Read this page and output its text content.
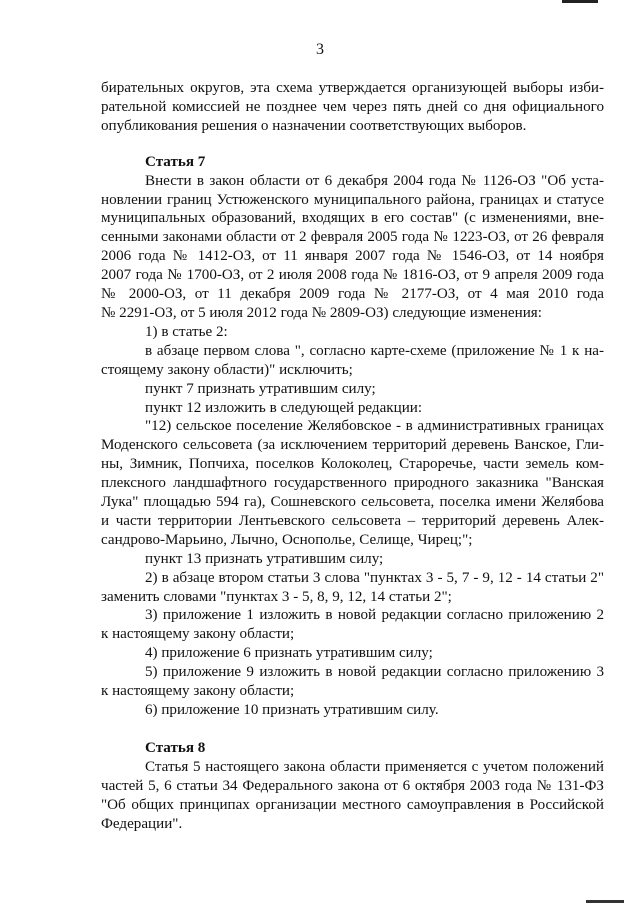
3

бирательных округов, эта схема утверждается организующей выборы изби-

рательной комиссией не позднее чем через пять дней со дня официального

опубликования решения о назначении соответствующих выборов.

Статья 7

Внести в закон области от 6 декабря 2004 года № 1126-ОЗ "Об уста-

новлении границ Устюженского муниципального района, границах и статусе

муниципальных образований, входящих в его состав" (с изменениями, вне-

сенными законами области от 2 февраля 2005 года № 1223-ОЗ, от 26 февраля

2006 года № 1412-ОЗ, от 11 января 2007 года № 1546-ОЗ, от 14 ноября

2007 года № 1700-ОЗ, от 2 июля 2008 года № 1816-ОЗ, от 9 апреля 2009 года

№ 2000-ОЗ, от 11 декабря 2009 года № 2177-ОЗ, от 4 мая 2010 года

№ 2291-ОЗ, от 5 июля 2012 года № 2809-ОЗ) следующие изменения:

1) в статье 2:

в абзаце первом слова ", согласно карте-схеме (приложение № 1 к на-

стоящему закону области)" исключить;

пункт 7 признать утратившим силу;

пункт 12 изложить в следующей редакции:

"12) сельское поселение Желябовское - в административных границах

Моденского сельсовета (за исключением территорий деревень Ванское, Гли-

ны, Зимник, Попчиха, поселков Колоколец, Староречье, части земель ком-

плексного ландшафтного государственного природного заказника "Ванская

Лука" площадью 594 га), Сошневского сельсовета, поселка имени Желябова

и части территории Лентьевского сельсовета – территорий деревень Алек-

сандрово-Марьино, Лычно, Оснополье, Селище, Чирец;";

пункт 13 признать утратившим силу;

2) в абзаце втором статьи 3 слова "пунктах 3 - 5, 7 - 9, 12 - 14 статьи 2"

заменить словами "пунктах 3 - 5, 8, 9, 12, 14 статьи 2";

3) приложение 1 изложить в новой редакции согласно приложению 2

к настоящему закону области;

4) приложение 6 признать утратившим силу;

5) приложение 9 изложить в новой редакции согласно приложению 3

к настоящему закону области;

6) приложение 10 признать утратившим силу.

Статья 8

Статья 5 настоящего закона области применяется с учетом положений

частей 5, 6 статьи 34 Федерального закона от 6 октября 2003 года № 131-ФЗ

"Об общих принципах организации местного самоуправления в Российской

Федерации".
